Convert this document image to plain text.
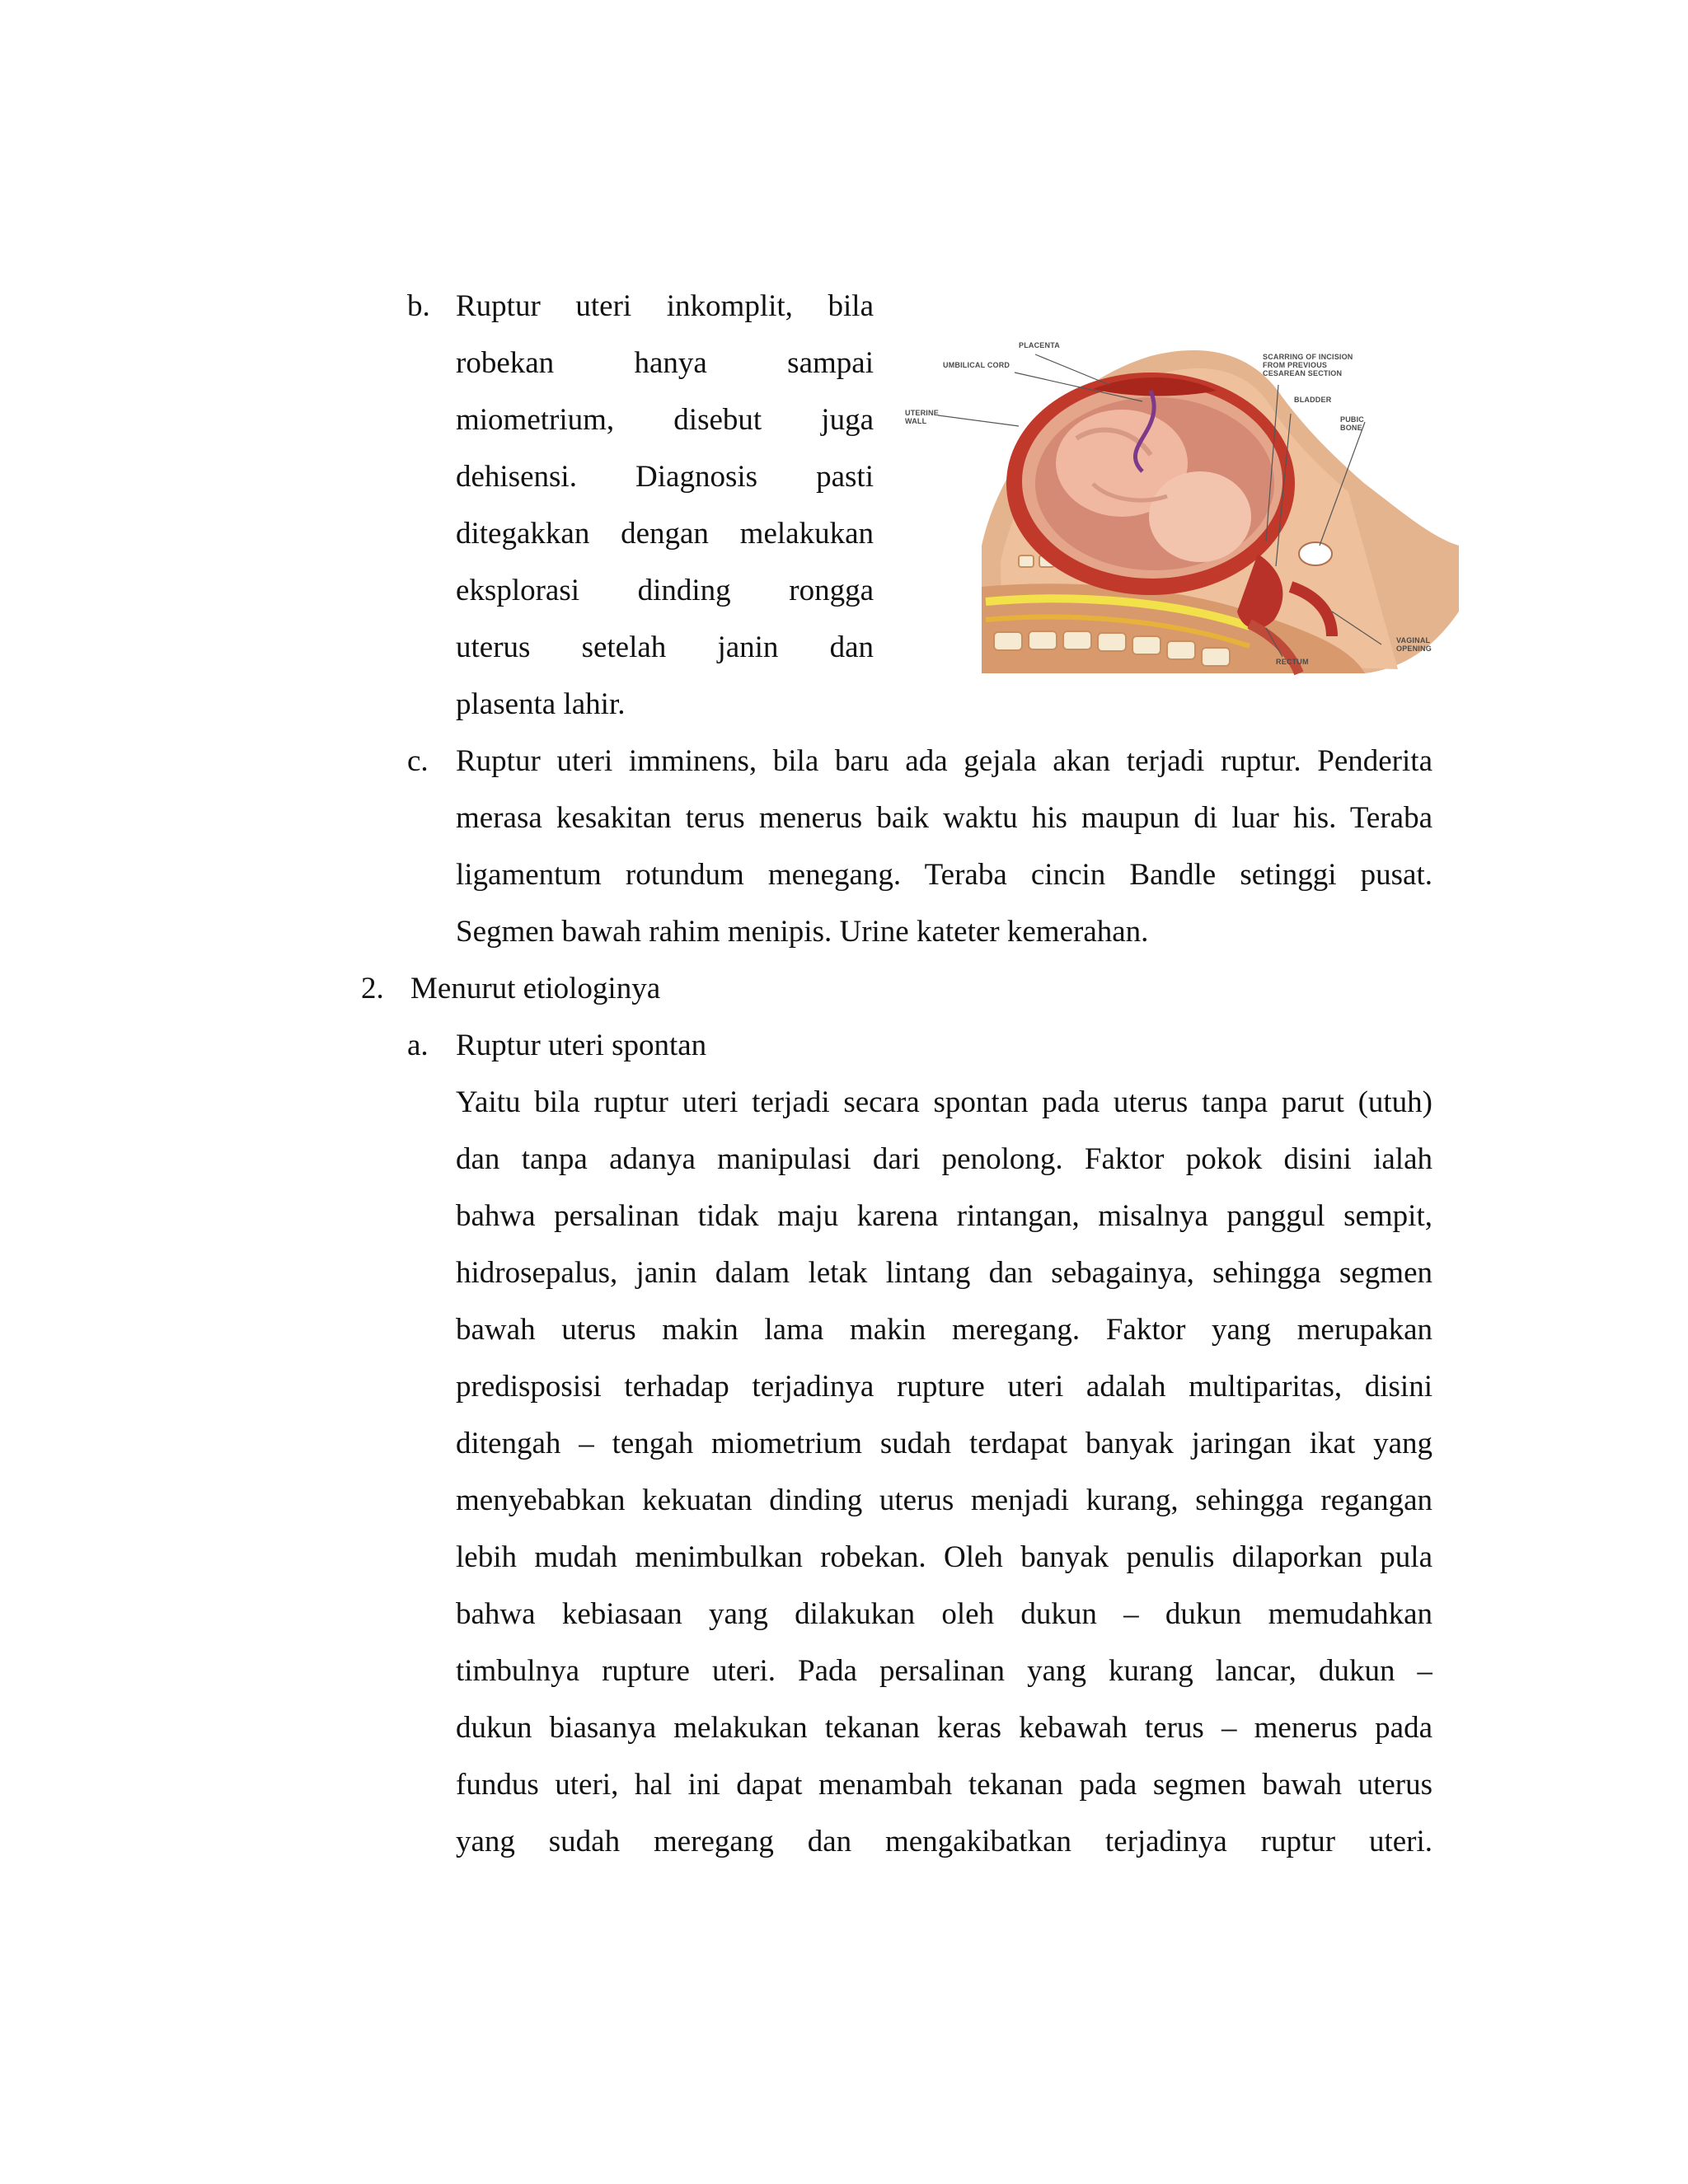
b. Ruptur uteri inkomplit, bila
robekan hanya sampai
miometrium, disebut juga
dehisensi. Diagnosis pasti
ditegakkan dengan melakukan
eksplorasi dinding rongga
uterus setelah janin dan
plasenta lahir.
PLACENTA
UMBILICAL CORD
UTERINE
WALL
SCARRING OF INCISION
FROM PREVIOUS
CESAREAN SECTION
BLADDER
PUBIC
BONE
VAGINAL
OPENING
RECTUM
c. Ruptur uteri imminens, bila baru ada gejala akan terjadi ruptur. Penderita
merasa kesakitan terus menerus baik waktu his maupun di luar his. Teraba
ligamentum rotundum menegang. Teraba cincin Bandle setinggi pusat.
Segmen bawah rahim menipis. Urine kateter kemerahan.
2. Menurut etiologinya
a. Ruptur uteri spontan
Yaitu bila ruptur uteri terjadi secara spontan pada uterus tanpa parut (utuh)
dan tanpa adanya manipulasi dari penolong. Faktor pokok disini ialah
bahwa persalinan tidak maju karena rintangan, misalnya panggul sempit,
hidrosepalus, janin dalam letak lintang dan sebagainya, sehingga segmen
bawah uterus makin lama makin meregang. Faktor yang merupakan
predisposisi terhadap terjadinya rupture uteri adalah multiparitas, disini
ditengah – tengah miometrium sudah terdapat banyak jaringan ikat yang
menyebabkan kekuatan dinding uterus menjadi kurang, sehingga regangan
lebih mudah menimbulkan robekan. Oleh banyak penulis dilaporkan pula
bahwa kebiasaan yang dilakukan oleh dukun – dukun memudahkan
timbulnya rupture uteri. Pada persalinan yang kurang lancar, dukun –
dukun biasanya melakukan tekanan keras kebawah terus – menerus pada
fundus uteri, hal ini dapat menambah tekanan pada segmen bawah uterus
yang sudah meregang dan mengakibatkan terjadinya ruptur uteri.
